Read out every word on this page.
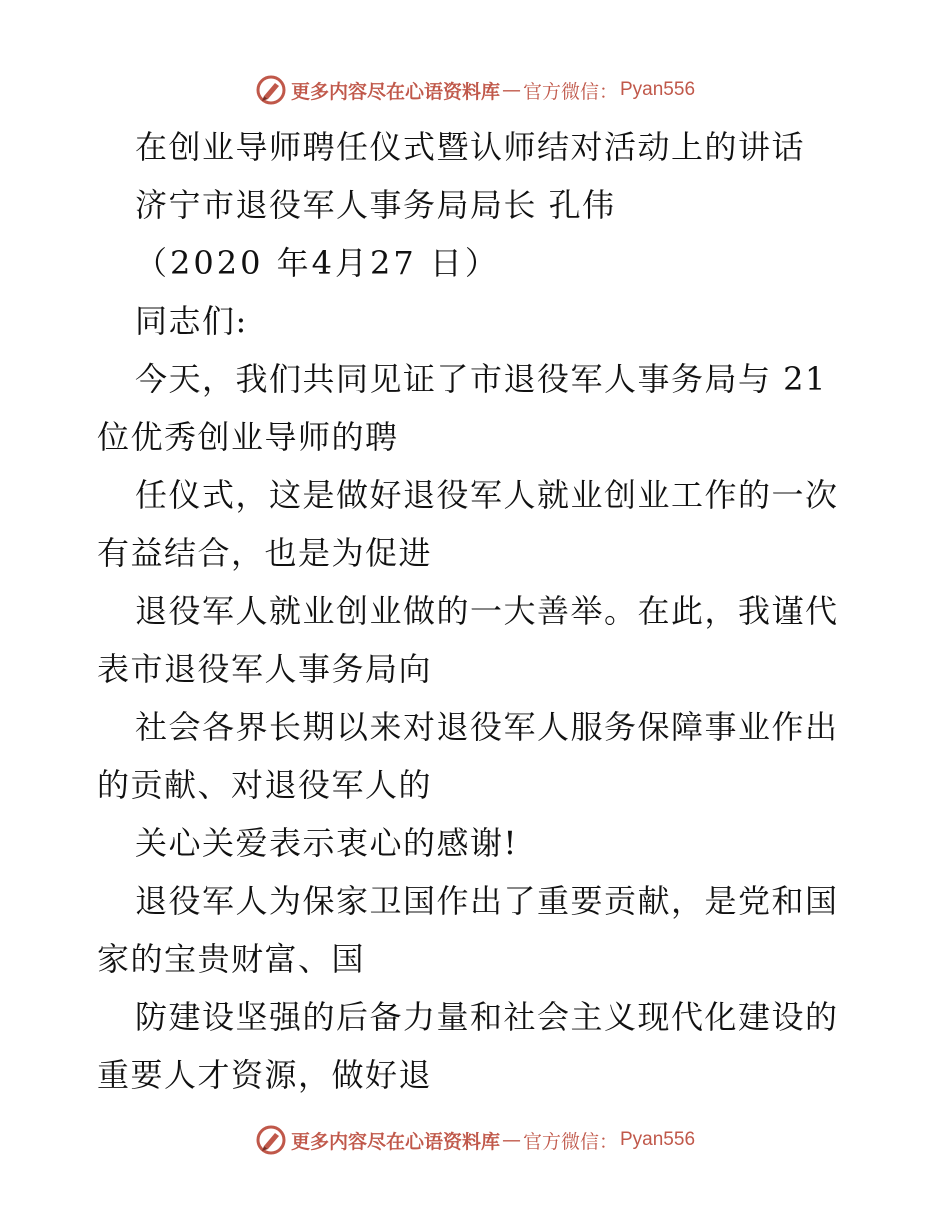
更多内容尽在心语资料库 — 官方微信： Pyan556
在创业导师聘任仪式暨认师结对活动上的讲话
济宁市退役军人事务局局长 孔伟
（2020 年4月27 日）
同志们:
今天，我们共同见证了市退役军人事务局与 21
位优秀创业导师的聘
任仪式，这是做好退役军人就业创业工作的一次
有益结合，也是为促进
退役军人就业创业做的一大善举。在此，我谨代
表市退役军人事务局向
社会各界长期以来对退役军人服务保障事业作出
的贡献、对退役军人的
关心关爱表示衷心的感谢!
退役军人为保家卫国作出了重要贡献，是党和国
家的宝贵财富、国
防建设坚强的后备力量和社会主义现代化建设的
重要人才资源，做好退
更多内容尽在心语资料库 — 官方微信： Pyan556
